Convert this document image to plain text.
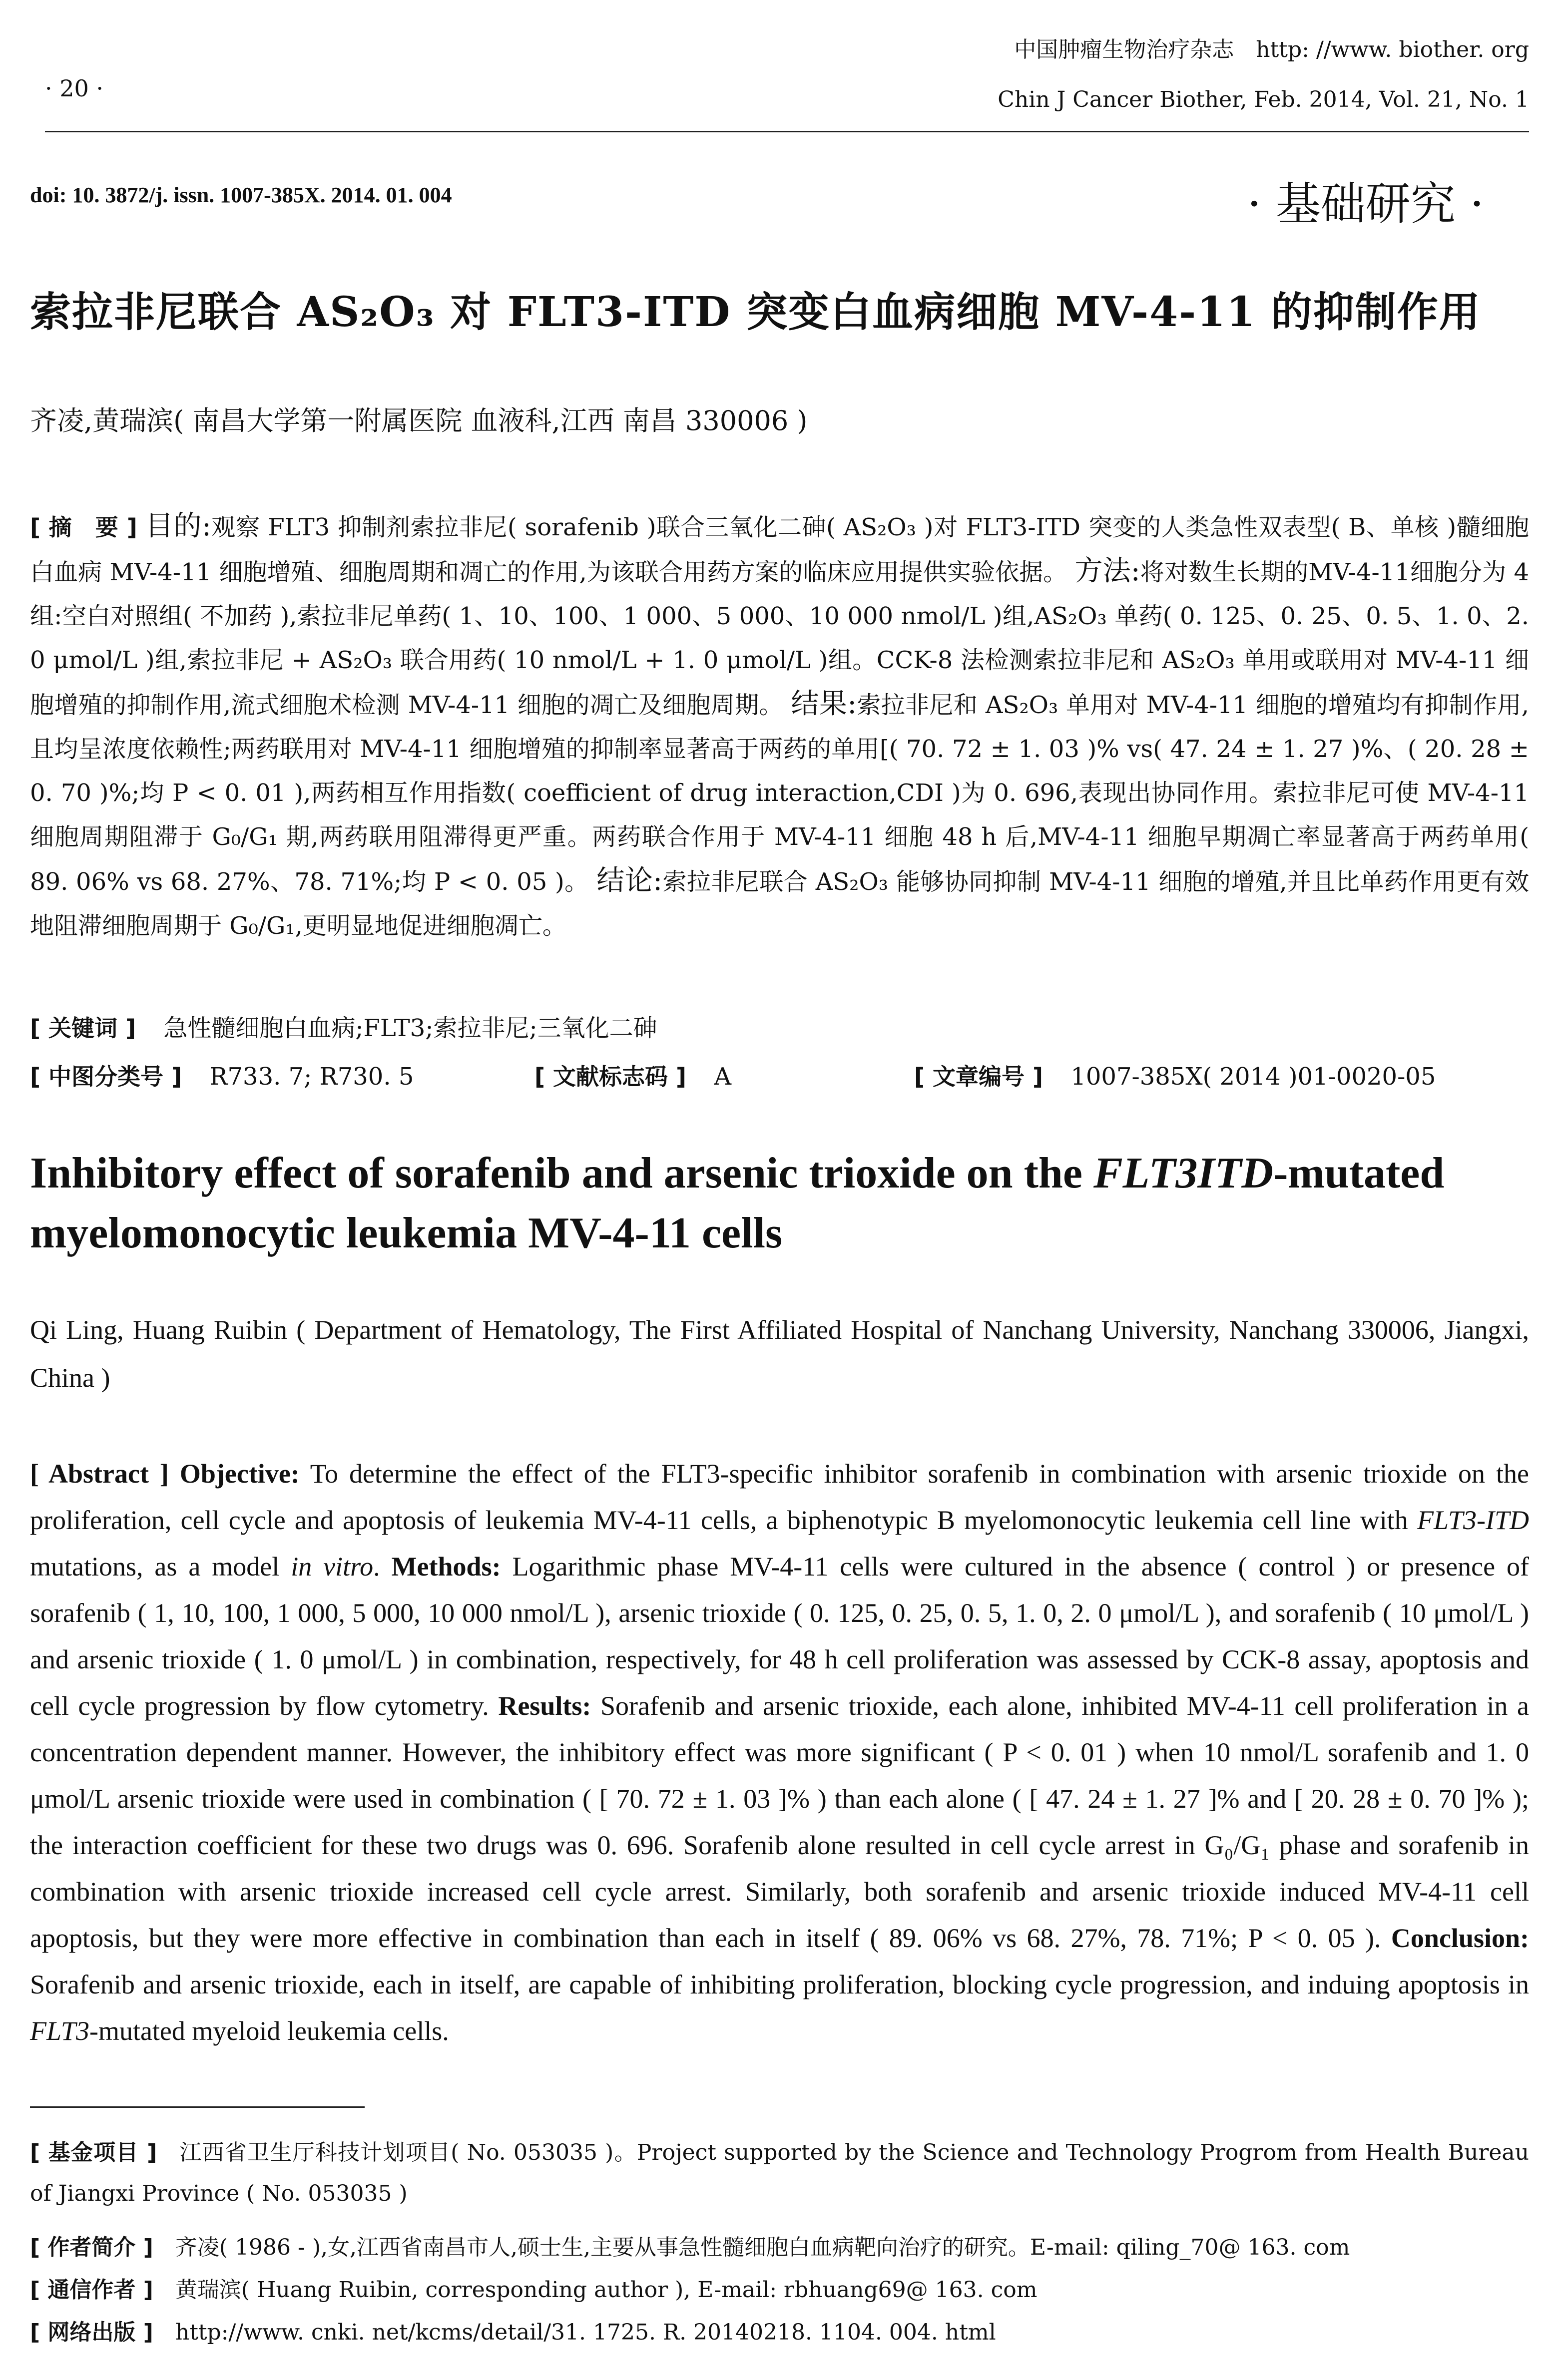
· 20 ·
中国肿瘤生物治疗杂志　http: //www. biother. org
Chin J Cancer Biother, Feb. 2014, Vol. 21, No. 1
doi: 10. 3872/j. issn. 1007-385X. 2014. 01. 004	· 基础研究 ·
索拉非尼联合 AS₂O₃ 对 FLT3-ITD 突变白血病细胞 MV-4-11 的抑制作用
齐凌,黄瑞滨( 南昌大学第一附属医院 血液科,江西 南昌 330006 )
[ 摘　要 ] 目的:观察 FLT3 抑制剂索拉非尼( sorafenib )联合三氧化二砷( AS₂O₃ )对 FLT3-ITD 突变的人类急性双表型( B、单核 )髓细胞白血病 MV-4-11 细胞增殖、细胞周期和凋亡的作用,为该联合用药方案的临床应用提供实验依据。 方法:将对数生长期的MV-4-11细胞分为 4 组:空白对照组( 不加药 ),索拉非尼单药( 1、10、100、1 000、5 000、10 000 nmol/L )组,AS₂O₃ 单药( 0. 125、0. 25、0. 5、1. 0、2. 0 μmol/L )组,索拉非尼 + AS₂O₃ 联合用药( 10 nmol/L + 1. 0 μmol/L )组。CCK-8 法检测索拉非尼和 AS₂O₃ 单用或联用对 MV-4-11 细胞增殖的抑制作用,流式细胞术检测 MV-4-11 细胞的凋亡及细胞周期。 结果:索拉非尼和 AS₂O₃ 单用对 MV-4-11 细胞的增殖均有抑制作用,且均呈浓度依赖性;两药联用对 MV-4-11 细胞增殖的抑制率显著高于两药的单用[( 70. 72 ± 1. 03 )% vs( 47. 24 ± 1. 27 )%、( 20. 28 ± 0. 70 )%;均 P < 0. 01 ),两药相互作用指数( coefficient of drug interaction,CDI )为 0. 696,表现出协同作用。索拉非尼可使 MV-4-11 细胞周期阻滞于 G₀/G₁ 期,两药联用阻滞得更严重。两药联合作用于 MV-4-11 细胞 48 h 后,MV-4-11 细胞早期凋亡率显著高于两药单用( 89. 06% vs 68. 27%、78. 71%;均 P < 0. 05 )。 结论:索拉非尼联合 AS₂O₃ 能够协同抑制 MV-4-11 细胞的增殖,并且比单药作用更有效地阻滞细胞周期于 G₀/G₁,更明显地促进细胞凋亡。
[ 关键词 ] 急性髓细胞白血病;FLT3;索拉非尼;三氧化二砷
[ 中图分类号 ] R733. 7; R730. 5	[ 文献标志码 ] A	[ 文章编号 ] 1007-385X( 2014 )01-0020-05
Inhibitory effect of sorafenib and arsenic trioxide on the FLT3ITD-mutated myelomonocytic leukemia MV-4-11 cells
Qi Ling, Huang Ruibin ( Department of Hematology, The First Affiliated Hospital of Nanchang University, Nanchang 330006, Jiangxi, China )
[ Abstract ] Objective: To determine the effect of the FLT3-specific inhibitor sorafenib in combination with arsenic trioxide on the proliferation, cell cycle and apoptosis of leukemia MV-4-11 cells, a biphenotypic B myelomonocytic leukemia cell line with FLT3-ITD mutations, as a model in vitro. Methods: Logarithmic phase MV-4-11 cells were cultured in the absence ( control ) or presence of sorafenib ( 1, 10, 100, 1 000, 5 000, 10 000 nmol/L ), arsenic trioxide ( 0. 125, 0. 25, 0. 5, 1. 0, 2. 0 μmol/L ), and sorafenib ( 10 μmol/L ) and arsenic trioxide ( 1. 0 μmol/L ) in combination, respectively, for 48 h cell proliferation was assessed by CCK-8 assay, apoptosis and cell cycle progression by flow cytometry. Results: Sorafenib and arsenic trioxide, each alone, inhibited MV-4-11 cell proliferation in a concentration dependent manner. However, the inhibitory effect was more significant ( P < 0. 01 ) when 10 nmol/L sorafenib and 1. 0 μmol/L arsenic trioxide were used in combination ( [ 70. 72 ± 1. 03 ]% ) than each alone ( [ 47. 24 ± 1. 27 ]% and [ 20. 28 ± 0. 70 ]% ); the interaction coefficient for these two drugs was 0. 696. Sorafenib alone resulted in cell cycle arrest in G₀/G₁ phase and sorafenib in combination with arsenic trioxide increased cell cycle arrest. Similarly, both sorafenib and arsenic trioxide induced MV-4-11 cell apoptosis, but they were more effective in combination than each in itself ( 89. 06% vs 68. 27%, 78. 71%; P < 0. 05 ). Conclusion: Sorafenib and arsenic trioxide, each in itself, are capable of inhibiting proliferation, blocking cycle progression, and induing apoptosis in FLT3-mutated myeloid leukemia cells.
[ 基金项目 ] 江西省卫生厅科技计划项目( No. 053035 )。Project supported by the Science and Technology Progrom from Health Bureau of Jiangxi Province ( No. 053035 )
[ 作者简介 ] 齐凌( 1986 - ),女,江西省南昌市人,硕士生,主要从事急性髓细胞白血病靶向治疗的研究。E-mail: qiling_70@ 163. com
[ 通信作者 ] 黄瑞滨( Huang Ruibin, corresponding author ), E-mail: rbhuang69@ 163. com
[ 网络出版 ] http://www. cnki. net/kcms/detail/31. 1725. R. 20140218. 1104. 004. html
